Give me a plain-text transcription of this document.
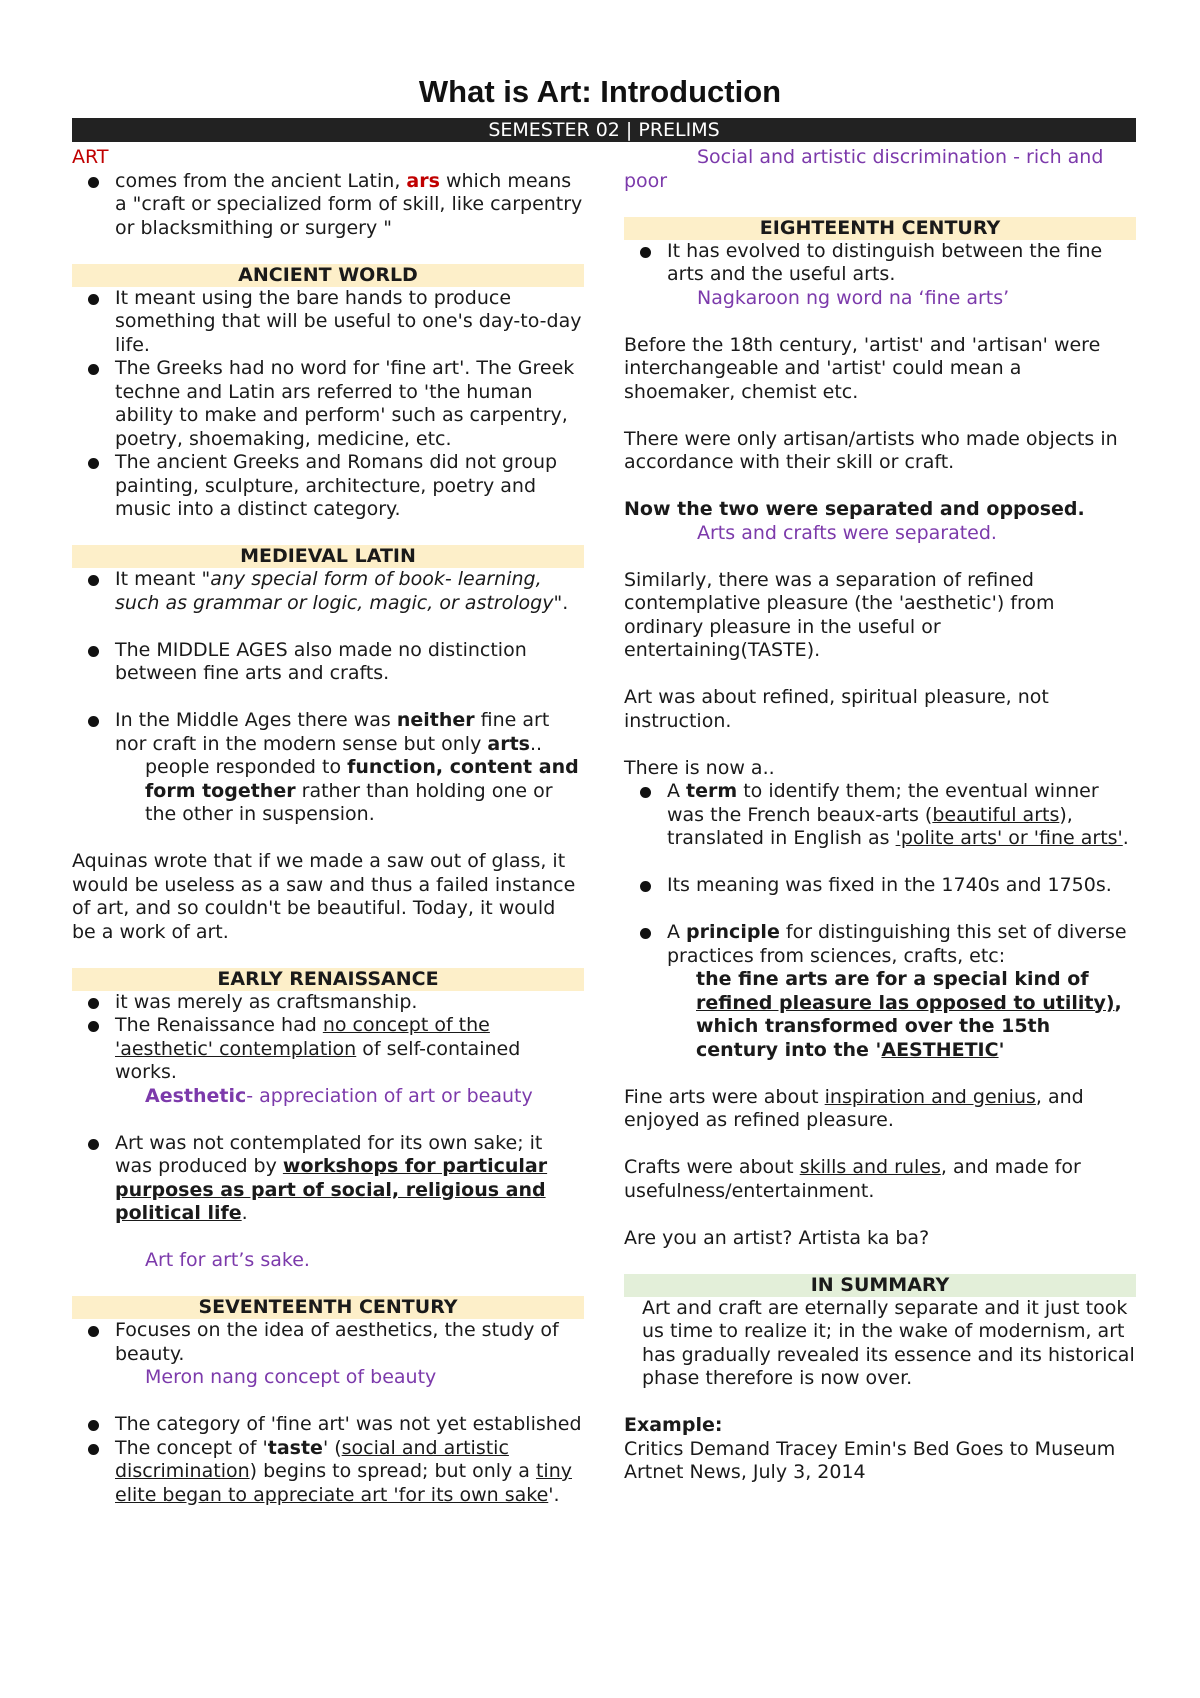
What is Art: Introduction
SEMESTER 02 | PRELIMS

ART

comes from the ancient Latin, ars which means a "craft or specialized form of skill, like carpentry or blacksmithing or surgery "
ANCIENT WORLD
It meant using the bare hands to produce something that will be useful to one's day-to-day life.
The Greeks had no word for 'fine art'. The Greek techne and Latin ars referred to 'the human ability to make and perform' such as carpentry, poetry, shoemaking, medicine, etc.
The ancient Greeks and Romans did not group painting, sculpture, architecture, poetry and music into a distinct category.
MEDIEVAL LATIN
It meant "any special form of book- learning, such as grammar or logic, magic, or astrology".
The MIDDLE AGES also made no distinction between fine arts and crafts.
In the Middle Ages there was neither fine art nor craft in the modern sense but only arts..

people responded to function, content and form together rather than holding one or the other in suspension.

Aquinas wrote that if we made a saw out of glass, it would be useless as a saw and thus a failed instance of art, and so couldn't be beautiful. Today, it would be a work of art.

EARLY RENAISSANCE
it was merely as craftsmanship.
The Renaissance had no concept of the 'aesthetic' contemplation of self-contained works.

Aesthetic- appreciation of art or beauty

Art was not contemplated for its own sake; it was produced by workshops for particular purposes as part of social, religious and political life.

Art for art’s sake.

SEVENTEENTH CENTURY
Focuses on the idea of aesthetics, the study of beauty.

Meron nang concept of beauty

The category of 'fine art' was not yet established
The concept of 'taste' (social and artistic discrimination) begins to spread; but only a tiny elite began to appreciate art 'for its own sake'.

Social and artistic discrimination - rich and poor

EIGHTEENTH CENTURY
It has evolved to distinguish between the fine arts and the useful arts.

Nagkaroon ng word na ‘fine arts’

Before the 18th century, 'artist' and 'artisan' were interchangeable and 'artist' could mean a shoemaker, chemist etc.

There were only artisan/artists who made objects in accordance with their skill or craft.

Now the two were separated and opposed.

Arts and crafts were separated.

Similarly, there was a separation of refined contemplative pleasure (the 'aesthetic') from ordinary pleasure in the useful or entertaining(TASTE).

Art was about refined, spiritual pleasure, not instruction.

There is now a..

A term to identify them; the eventual winner was the French beaux-arts (beautiful arts), translated in English as 'polite arts' or 'fine arts'.
Its meaning was fixed in the 1740s and 1750s.
A principle for distinguishing this set of diverse practices from sciences, crafts, etc:

the fine arts are for a special kind of refined pleasure las opposed to utility), which transformed over the 15th century into the 'AESTHETIC'

Fine arts were about inspiration and genius, and enjoyed as refined pleasure.

Crafts were about skills and rules, and made for usefulness/entertainment.

Are you an artist? Artista ka ba?

IN SUMMARY

Art and craft are eternally separate and it just took us time to realize it; in the wake of modernism, art has gradually revealed its essence and its historical phase therefore is now over.

Example:

Critics Demand Tracey Emin's Bed Goes to Museum

Artnet News, July 3, 2014
